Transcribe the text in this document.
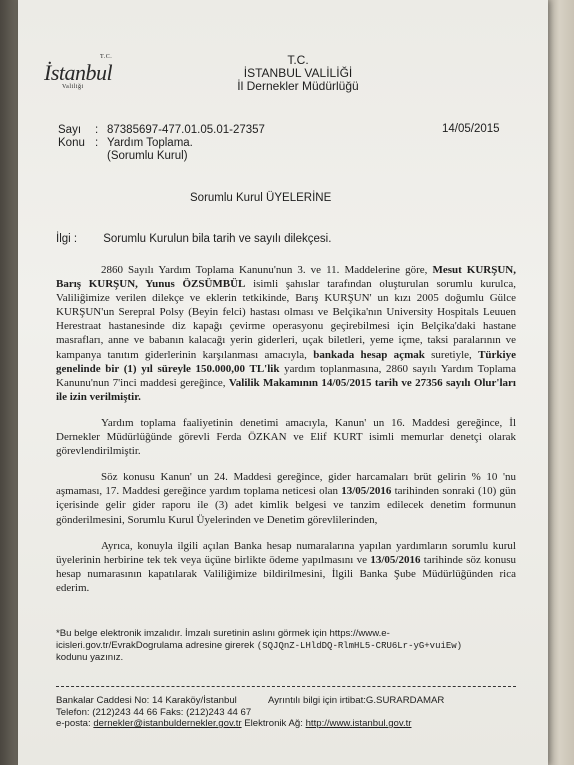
T.C.
İstanbul
Valiliği
T.C.
İSTANBUL VALİLİĞİ
İl Dernekler Müdürlüğü
Sayı	: 87385697-477.01.05.01-27357
Konu : Yardım Toplama.
(Sorumlu Kurul)
14/05/2015
Sorumlu Kurul ÜYELERİNE
İlgi : Sorumlu Kurulun bila tarih ve sayılı dilekçesi.

2860 Sayılı Yardım Toplama Kanunu'nun 3. ve 11. Maddelerine göre, Mesut KURŞUN, Barış KURŞUN, Yunus ÖZSÜMBÜL isimli şahıslar tarafından oluşturulan sorumlu kurulca, Valiliğimize verilen dilekçe ve eklerin tetkikinde, Barış KURŞUN' un kızı 2005 doğumlu Gülce KURŞUN'un Serepral Polsy (Beyin felci) hastası olması ve Belçika'nın University Hospitals Leuuen Herestraat hastanesinde diz kapağı çevirme operasyonu geçirebilmesi için Belçika'daki hastane masrafları, anne ve babanın kalacağı yerin giderleri, uçak biletleri, yeme içme, taksi paralarının ve kampanya tanıtım giderlerinin karşılanması amacıyla, bankada hesap açmak suretiyle, Türkiye genelinde bir (1) yıl süreyle 150.000,00 TL'lik yardım toplanmasına, 2860 sayılı Yardım Toplama Kanunu'nun 7'inci maddesi gereğince, Valilik Makamının 14/05/2015 tarih ve 27356 sayılı Olur'ları ile izin verilmiştir.

Yardım toplama faaliyetinin denetimi amacıyla, Kanun' un 16. Maddesi gereğince, İl Dernekler Müdürlüğünde görevli Ferda ÖZKAN ve Elif KURT isimli memurlar denetçi olarak görevlendirilmiştir.

Söz konusu Kanun' un 24. Maddesi gereğince, gider harcamaları brüt gelirin % 10 'nu aşmaması, 17. Maddesi gereğince yardım toplama neticesi olan 13/05/2016 tarihinden sonraki (10) gün içerisinde gelir gider raporu ile (3) adet kimlik belgesi ve tanzim edilecek denetim formunun gönderilmesini, Sorumlu Kurul Üyelerinden ve Denetim görevlilerinden,

Ayrıca, konuyla ilgili açılan Banka hesap numaralarına yapılan yardımların sorumlu kurul üyelerinin herbirine tek tek veya üçüne birlikte ödeme yapılmasını ve 13/05/2016 tarihinde söz konusu hesap numarasının kapatılarak Valiliğimize bildirilmesini, İlgili Banka Şube Müdürlüğünden rica ederim.

*Bu belge elektronik imzalıdır. İmzalı suretinin aslını görmek için https://www.e-
icisleri.gov.tr/EvrakDogrulama adresine girerek (SQJQnZ-LHldDQ-RlmHL5-CRU6Lr-yG+vuiEw)
kodunu yazınız.
Bankalar Caddesi No: 14 Karaköy/İstanbul	Ayrıntılı bilgi için irtibat:G.SURARDAMAR
Telefon: (212)243 44 66 Faks: (212)243 44 67
e-posta: dernekler@istanbuldernekler.gov.tr Elektronik Ağ: http://www.istanbul.gov.tr
